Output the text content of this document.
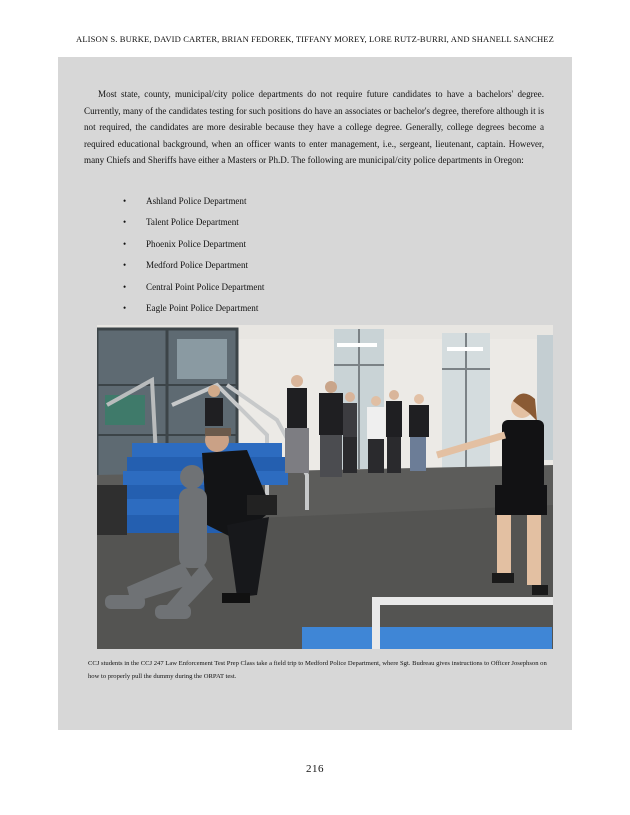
ALISON S. BURKE, DAVID CARTER, BRIAN FEDOREK, TIFFANY MOREY, LORE RUTZ-BURRI, AND SHANELL SANCHEZ

Most state, county, municipal/city police departments do not require future candidates to have a bachelors' degree. Currently, many of the candidates testing for such positions do have an associates or bachelor's degree, therefore although it is not required, the candidates are more desirable because they have a college degree. Generally, college degrees become a required educational background, when an officer wants to enter management, i.e., sergeant, lieutenant, captain. However, many Chiefs and Sheriffs have either a Masters or Ph.D. The following are municipal/city police departments in Oregon:

• Ashland Police Department
• Talent Police Department
• Phoenix Police Department
• Medford Police Department
• Central Point Police Department
• Eagle Point Police Department

CCJ students in the CCJ 247 Law Enforcement Test Prep Class take a field trip to Medford Police Department, where Sgt. Budreau gives instructions to Officer Josephson on how to properly pull the dummy during the ORPAT test.

216
